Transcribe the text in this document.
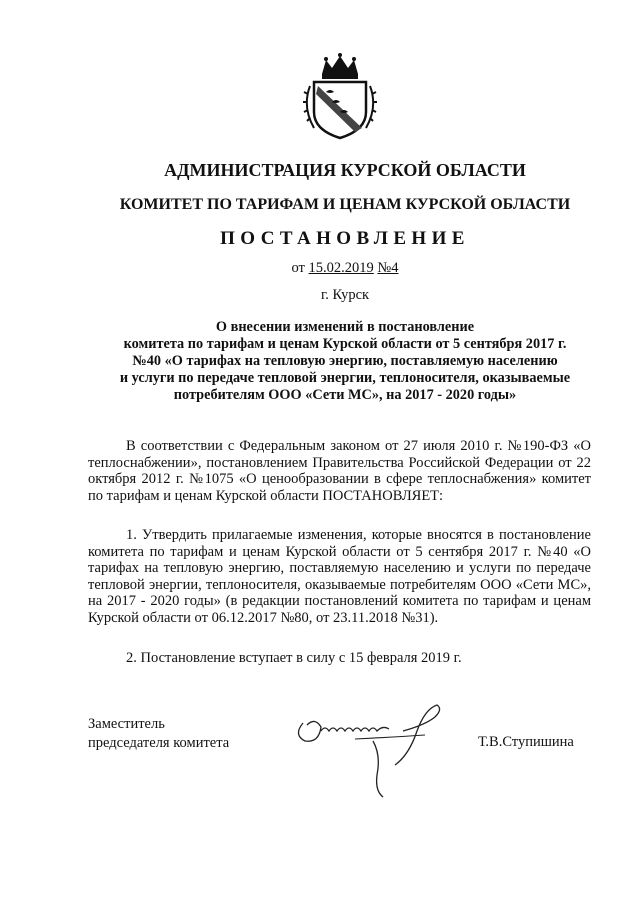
АДМИНИСТРАЦИЯ КУРСКОЙ ОБЛАСТИ

КОМИТЕТ ПО ТАРИФАМ И ЦЕНАМ КУРСКОЙ ОБЛАСТИ

ПОСТАНОВЛЕНИЕ

от 15.02.2019 №4

г. Курск

О внесении изменений в постановление
комитета по тарифам и ценам Курской области от 5 сентября 2017 г.
№40 «О тарифах на тепловую энергию, поставляемую населению
и услуги по передаче тепловой энергии, теплоносителя, оказываемые
потребителям ООО «Сети МС», на 2017 - 2020 годы»

В соответствии с Федеральным законом от 27 июля 2010 г. №190-ФЗ «О теплоснабжении», постановлением Правительства Российской Федерации от 22 октября 2012 г. №1075 «О ценообразовании в сфере теплоснабжения» комитет по тарифам и ценам Курской области ПОСТАНОВЛЯЕТ:

1. Утвердить прилагаемые изменения, которые вносятся в постановление комитета по тарифам и ценам Курской области от 5 сентября 2017 г. №40 «О тарифах на тепловую энергию, поставляемую населению и услуги по передаче тепловой энергии, теплоносителя, оказываемые потребителям ООО «Сети МС», на 2017 - 2020 годы» (в редакции постановлений комитета по тарифам и ценам Курской области от 06.12.2017 №80, от 23.11.2018 №31).

2. Постановление вступает в силу с 15 февраля 2019 г.

Заместитель
председателя комитета	Т.В.Ступишина
